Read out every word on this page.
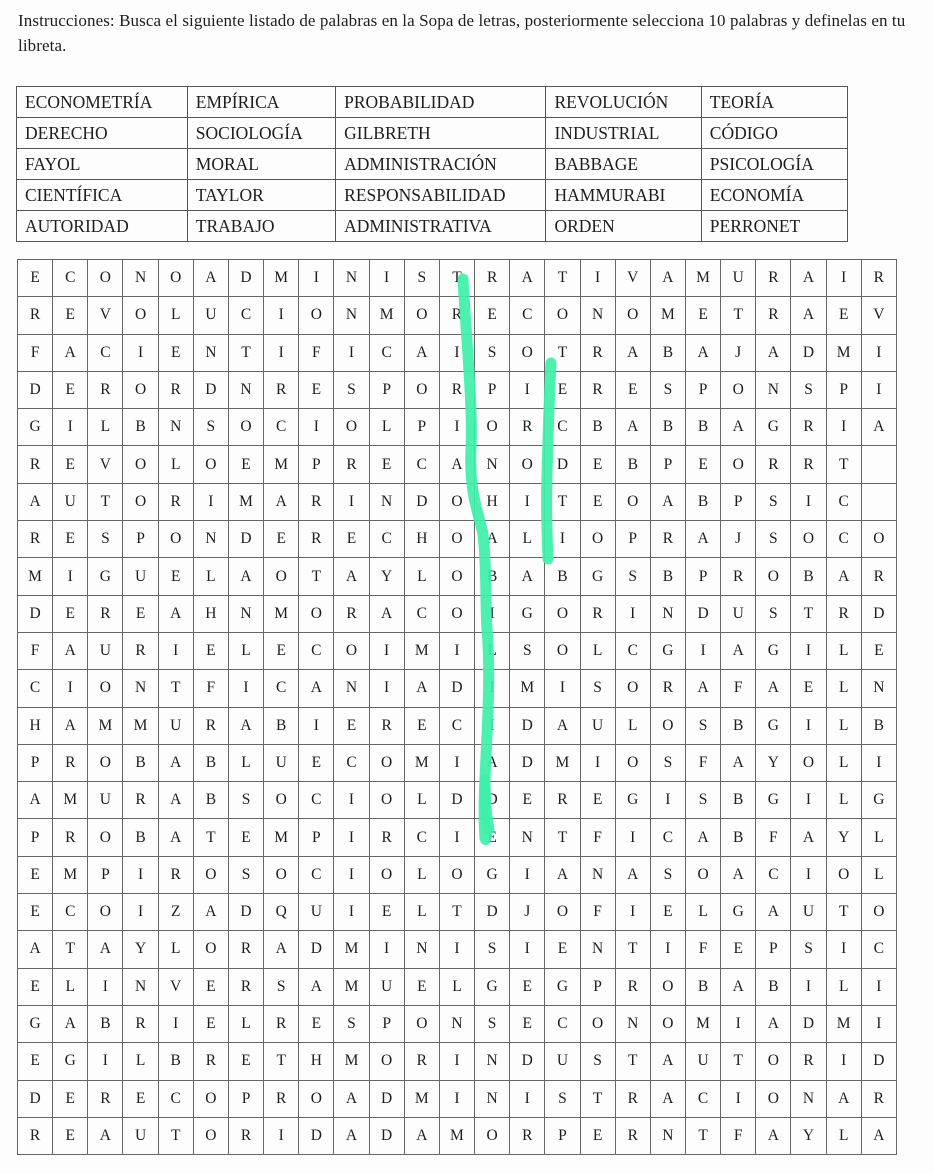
Instrucciones: Busca el siguiente listado de palabras en la Sopa de letras, posteriormente selecciona 10 palabras y definelas en tu libreta.

ECONOMETRÍA	EMPÍRICA	PROBABILIDAD	REVOLUCIÓN	TEORÍA
DERECHO	SOCIOLOGÍA	GILBRETH	INDUSTRIAL	CÓDIGO
FAYOL	MORAL	ADMINISTRACIÓN	BABBAGE	PSICOLOGÍA
CIENTÍFICA	TAYLOR	RESPONSABILIDAD	HAMMURABI	ECONOMÍA
AUTORIDAD	TRABAJO	ADMINISTRATIVA	ORDEN	PERRONET
E	C	O	N	O	A	D	M	I	N	I	S	T	R	A	T	I	V	A	M	U	R	A	I	R
R	E	V	O	L	U	C	I	O	N	M	O	R	E	C	O	N	O	M	E	T	R	A	E	V
F	A	C	I	E	N	T	I	F	I	C	A	I	S	O	T	R	A	B	A	J	A	D	M	I
D	E	R	O	R	D	N	R	E	S	P	O	R	P	I	E	R	E	S	P	O	N	S	P	I
G	I	L	B	N	S	O	C	I	O	L	P	I	O	R	C	B	A	B	B	A	G	R	I	A
R	E	V	O	L	O	E	M	P	R	E	C	A	N	O	D	E	B	P	E	O	R	R	T	
A	U	T	O	R	I	M	A	R	I	N	D	O	H	I	T	E	O	A	B	P	S	I	C	
R	E	S	P	O	N	D	E	R	E	C	H	O	A	L	I	O	P	R	A	J	S	O	C	O
M	I	G	U	E	L	A	O	T	A	Y	L	O	B	A	B	G	S	B	P	R	O	B	A	R
D	E	R	E	A	H	N	M	O	R	A	C	O	I	G	O	R	I	N	D	U	S	T	R	D
F	A	U	R	I	E	L	E	C	O	I	M	I	L	S	O	L	C	G	I	A	G	I	L	E
C	I	O	N	T	F	I	C	A	N	I	A	D	I	M	I	S	O	R	A	F	A	E	L	N
H	A	M	M	U	R	A	B	I	E	R	E	C	I	D	A	U	L	O	S	B	G	I	L	B
P	R	O	B	A	B	L	U	E	C	O	M	I	A	D	M	I	O	S	F	A	Y	O	L	I
A	M	U	R	A	B	S	O	C	I	O	L	D	D	E	R	E	G	I	S	B	G	I	L	G
P	R	O	B	A	T	E	M	P	I	R	C	I	E	N	T	F	I	C	A	B	F	A	Y	L
E	M	P	I	R	O	S	O	C	I	O	L	O	G	I	A	N	A	S	O	A	C	I	O	L
E	C	O	I	Z	A	D	Q	U	I	E	L	T	D	J	O	F	I	E	L	G	A	U	T	O
A	T	A	Y	L	O	R	A	D	M	I	N	I	S	I	E	N	T	I	F	E	P	S	I	C
E	L	I	N	V	E	R	S	A	M	U	E	L	G	E	G	P	R	O	B	A	B	I	L	I
G	A	B	R	I	E	L	R	E	S	P	O	N	S	E	C	O	N	O	M	I	A	D	M	I
E	G	I	L	B	R	E	T	H	M	O	R	I	N	D	U	S	T	A	U	T	O	R	I	D
D	E	R	E	C	O	P	R	O	A	D	M	I	N	I	S	T	R	A	C	I	O	N	A	R
R	E	A	U	T	O	R	I	D	A	D	A	M	O	R	P	E	R	N	T	F	A	Y	L	A
